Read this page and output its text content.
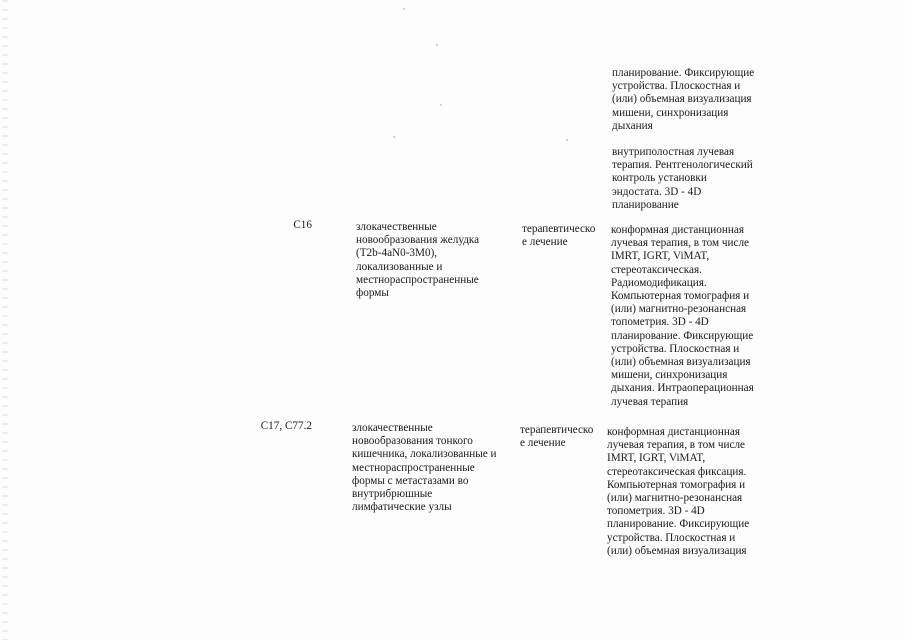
планирование. Фиксирующие
устройства. Плоскостная и
(или) объемная визуализация
мишени, синхронизация
дыхания

внутриполостная лучевая
терапия. Рентгенологический
контроль установки
эндостата. 3D - 4D
планирование

C16	злокачественные
новообразования желудка
(T2b-4aN0-3M0),
локализованные и
местнораспространенные
формы

терапевтическо
е лечение

конформная дистанционная
лучевая терапия, в том числе
IMRT, IGRT, ViMAT,
стереотаксическая.
Радиомодификация.
Компьютерная томография и
(или) магнитно-резонансная
топометрия. 3D - 4D
планирование. Фиксирующие
устройства. Плоскостная и
(или) объемная визуализация
мишени, синхронизация
дыхания. Интраоперационная
лучевая терапия

C17, C77.2	злокачественные
новообразования тонкого
кишечника, локализованные и
местнораспространенные
формы с метастазами во
внутрибрюшные
лимфатические узлы

терапевтическо
е лечение

конформная дистанционная
лучевая терапия, в том числе
IMRT, IGRT, ViMAT,
стереотаксическая фиксация.
Компьютерная томография и
(или) магнитно-резонансная
топометрия. 3D - 4D
планирование. Фиксирующие
устройства. Плоскостная и
(или) объемная визуализация
